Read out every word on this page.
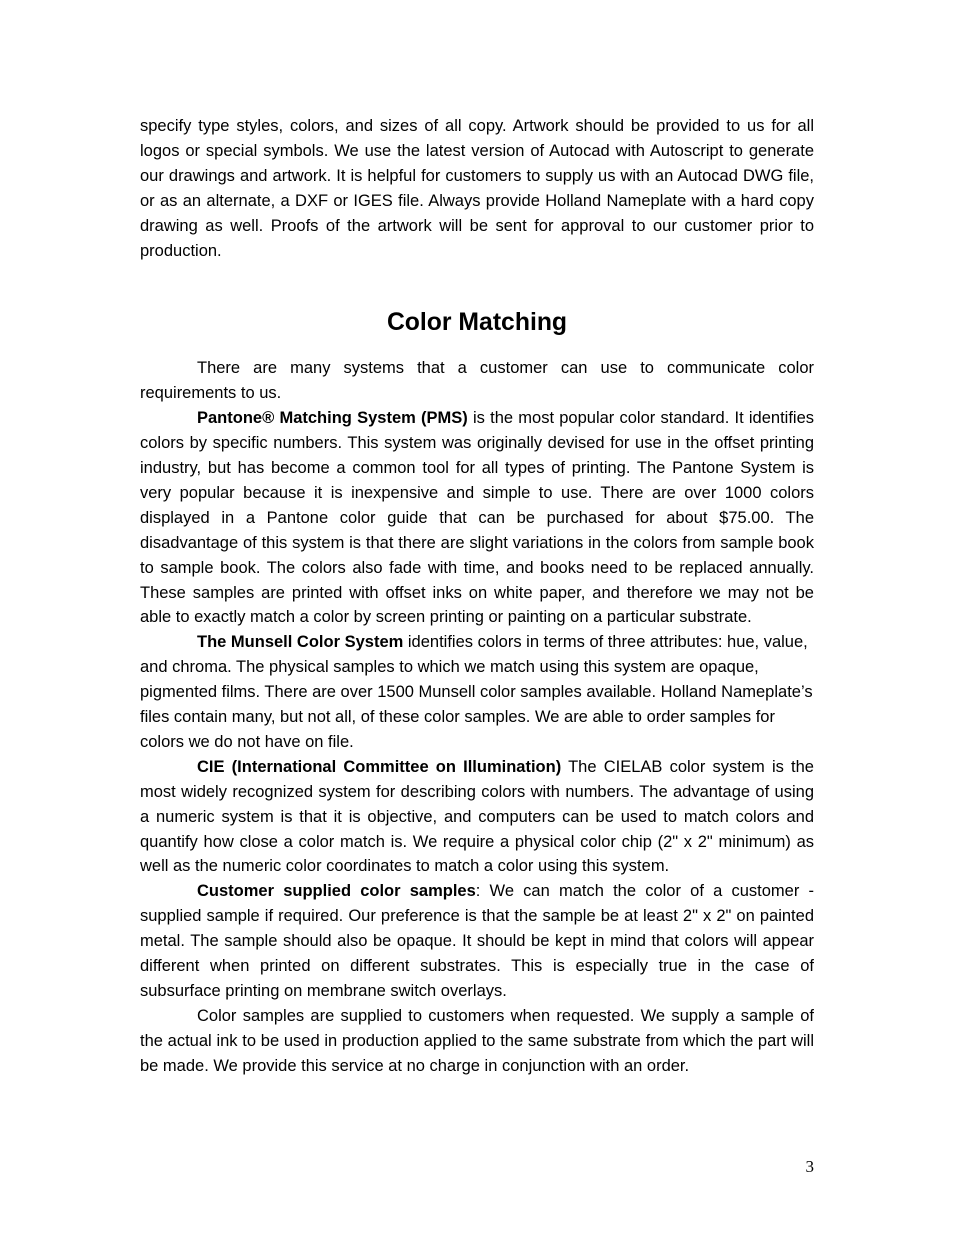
specify type styles, colors, and sizes of all copy. Artwork should be provided to us for all logos or special symbols. We use the latest version of Autocad with Autoscript to generate our drawings and artwork. It is helpful for customers to supply us with an Autocad DWG file, or as an alternate, a DXF or IGES file. Always provide Holland Nameplate with a hard copy drawing as well. Proofs of the artwork will be sent for approval to our customer prior to production.

Color Matching

There are many systems that a customer can use to communicate color requirements to us.

Pantone® Matching System (PMS) is the most popular color standard. It identifies colors by specific numbers. This system was originally devised for use in the offset printing industry, but has become a common tool for all types of printing. The Pantone System is very popular because it is inexpensive and simple to use. There are over 1000 colors displayed in a Pantone color guide that can be purchased for about $75.00. The disadvantage of this system is that there are slight variations in the colors from sample book to sample book. The colors also fade with time, and books need to be replaced annually. These samples are printed with offset inks on white paper, and therefore we may not be able to exactly match a color by screen printing or painting on a particular substrate.

The Munsell Color System identifies colors in terms of three attributes: hue, value, and chroma. The physical samples to which we match using this system are opaque, pigmented films. There are over 1500 Munsell color samples available. Holland Nameplate’s files contain many, but not all, of these color samples. We are able to order samples for colors we do not have on file.

CIE (International Committee on Illumination) The CIELAB color system is the most widely recognized system for describing colors with numbers. The advantage of using a numeric system is that it is objective, and computers can be used to match colors and quantify how close a color match is. We require a physical color chip (2" x 2" minimum) as well as the numeric color coordinates to match a color using this system.

Customer supplied color samples: We can match the color of a customer - supplied sample if required. Our preference is that the sample be at least 2" x 2" on painted metal. The sample should also be opaque. It should be kept in mind that colors will appear different when printed on different substrates. This is especially true in the case of subsurface printing on membrane switch overlays.

Color samples are supplied to customers when requested. We supply a sample of the actual ink to be used in production applied to the same substrate from which the part will be made. We provide this service at no charge in conjunction with an order.

3
